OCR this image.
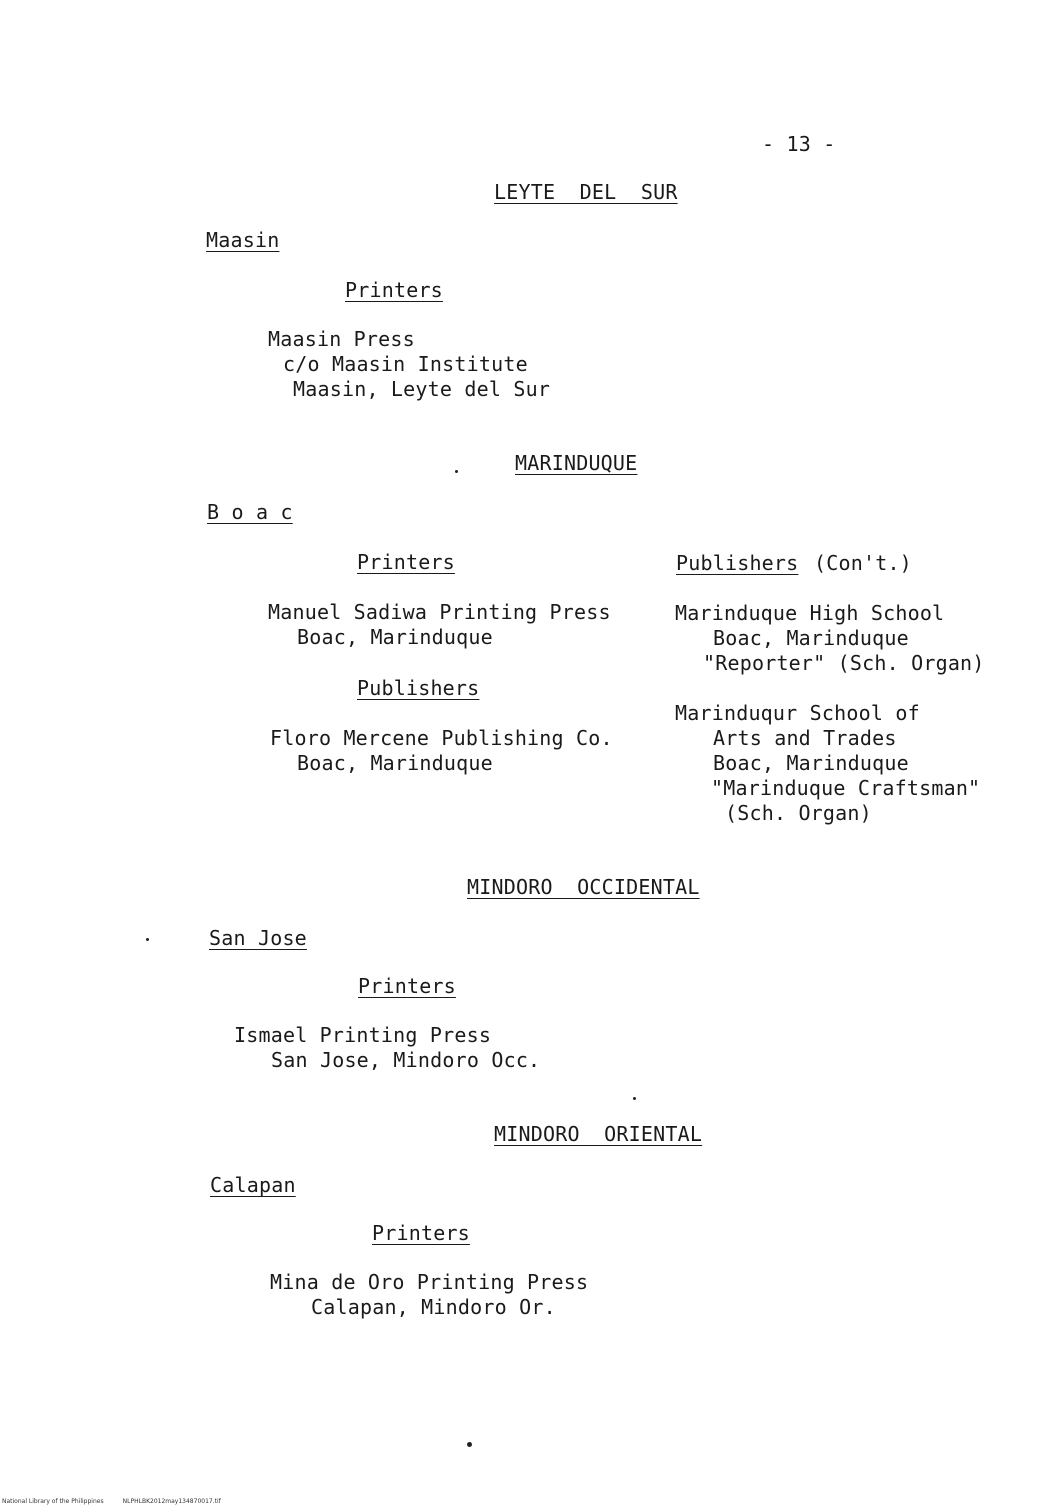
- 13 -
LEYTE  DEL  SUR
Maasin
Printers
Maasin Press
c/o Maasin Institute
Maasin, Leyte del Sur
MARINDUQUE
B o a c
Printers
Manuel Sadiwa Printing Press
Boac, Marinduque
Publishers
Floro Mercene Publishing Co.
Boac, Marinduque
Publishers (Con't.)
Marinduque High School
Boac, Marinduque
"Reporter" (Sch. Organ)
Marinduqur School of
Arts and Trades
Boac, Marinduque
"Marinduque Craftsman"
(Sch. Organ)
MINDORO  OCCIDENTAL
San Jose
Printers
Ismael Printing Press
San Jose, Mindoro Occ.
MINDORO  ORIENTAL
Calapan
Printers
Mina de Oro Printing Press
Calapan, Mindoro Or.
National Library of the Philippines	NLPHLBK2012may134870017.tif
